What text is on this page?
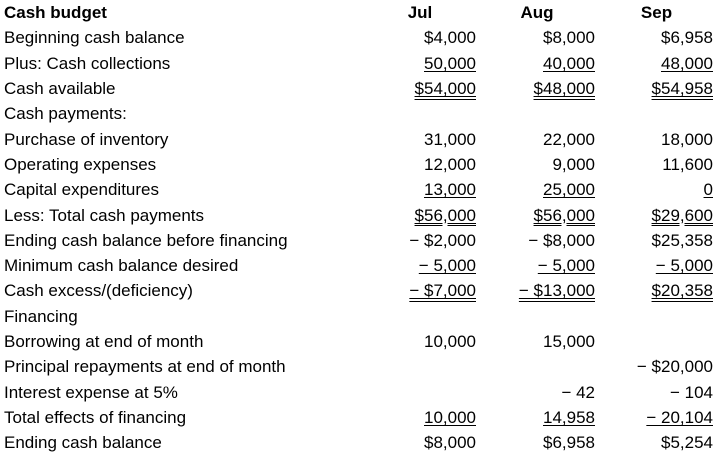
Cash budget	Jul	Aug	Sep
Beginning cash balance	$4,000	$8,000	$6,958
Plus: Cash collections	50,000	40,000	48,000
Cash available	$54,000	$48,000	$54,958
Cash payments:			
Purchase of inventory	31,000	22,000	18,000
Operating expenses	12,000	9,000	11,600
Capital expenditures	13,000	25,000	0
Less: Total cash payments	$56,000	$56,000	$29,600
Ending cash balance before financing	− $2,000	− $8,000	$25,358
Minimum cash balance desired	− 5,000	− 5,000	− 5,000
Cash excess/(deficiency)	− $7,000	− $13,000	$20,358
Financing			
Borrowing at end of month	10,000	15,000	
Principal repayments at end of month			− $20,000
Interest expense at 5%		− 42	− 104
Total effects of financing	10,000	14,958	− 20,104
Ending cash balance	$8,000	$6,958	$5,254
